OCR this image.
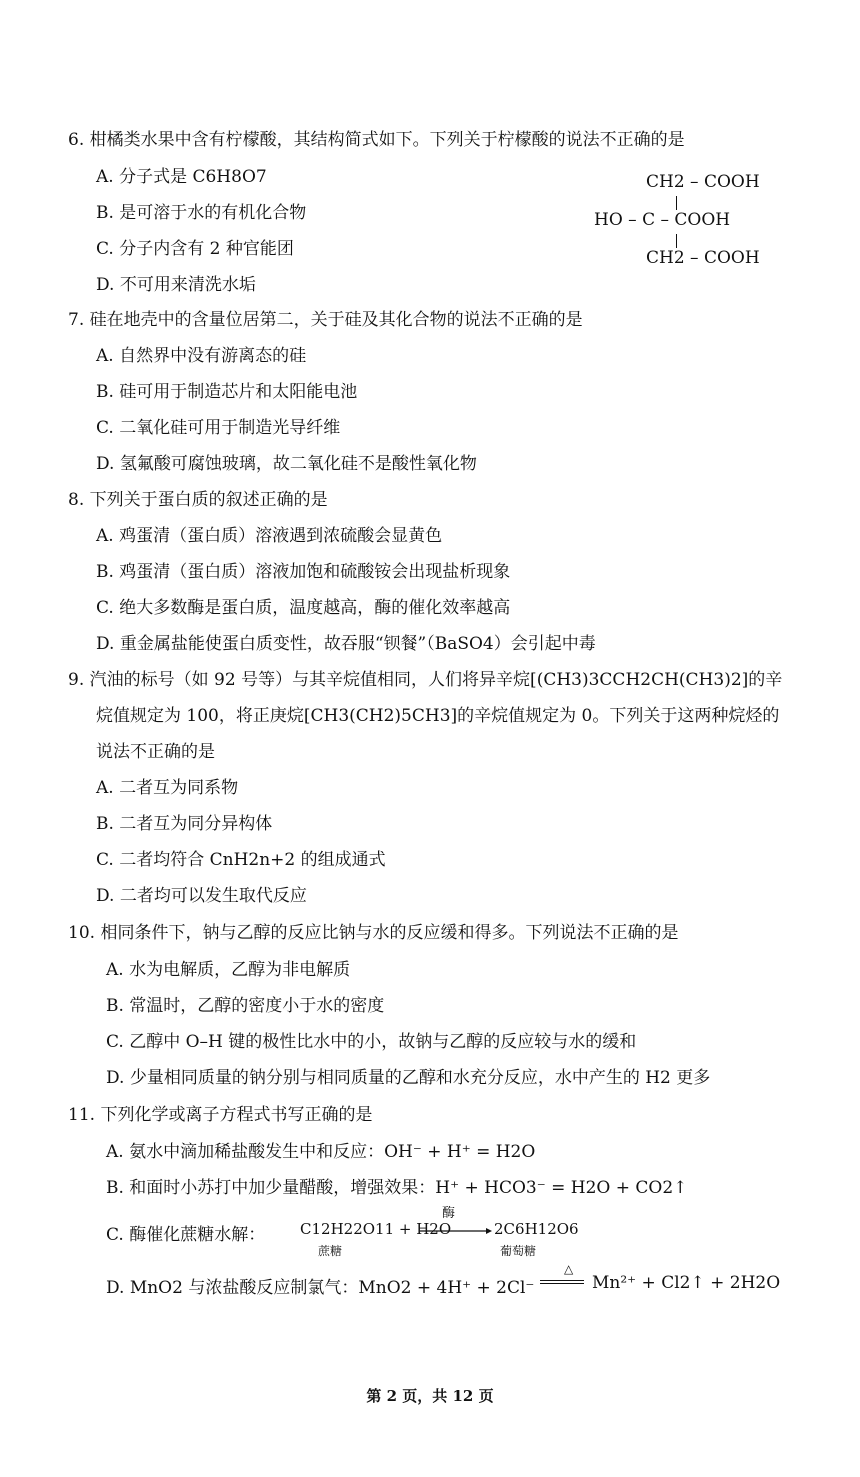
6. 柑橘类水果中含有柠檬酸，其结构简式如下。下列关于柠檬酸的说法不正确的是
A. 分子式是 C6H8O7
B. 是可溶于水的有机化合物
C. 分子内含有 2 种官能团
D. 不可用来清洗水垢
CH2 – COOH
HO – C – COOH
CH2 – COOH
7. 硅在地壳中的含量位居第二，关于硅及其化合物的说法不正确的是
A. 自然界中没有游离态的硅
B. 硅可用于制造芯片和太阳能电池
C. 二氧化硅可用于制造光导纤维
D. 氢氟酸可腐蚀玻璃，故二氧化硅不是酸性氧化物
8. 下列关于蛋白质的叙述正确的是
A. 鸡蛋清（蛋白质）溶液遇到浓硫酸会显黄色
B. 鸡蛋清（蛋白质）溶液加饱和硫酸铵会出现盐析现象
C. 绝大多数酶是蛋白质，温度越高，酶的催化效率越高
D. 重金属盐能使蛋白质变性，故吞服“钡餐”（BaSO4）会引起中毒
9. 汽油的标号（如 92 号等）与其辛烷值相同，人们将异辛烷[(CH3)3CCH2CH(CH3)2]的辛
烷值规定为 100，将正庚烷[CH3(CH2)5CH3]的辛烷值规定为 0。下列关于这两种烷烃的
说法不正确的是
A. 二者互为同系物
B. 二者互为同分异构体
C. 二者均符合 CnH2n+2 的组成通式
D. 二者均可以发生取代反应
10. 相同条件下，钠与乙醇的反应比钠与水的反应缓和得多。下列说法不正确的是
A. 水为电解质，乙醇为非电解质
B. 常温时，乙醇的密度小于水的密度
C. 乙醇中 O–H 键的极性比水中的小，故钠与乙醇的反应较与水的缓和
D. 少量相同质量的钠分别与相同质量的乙醇和水充分反应，水中产生的 H2 更多
11. 下列化学或离子方程式书写正确的是
A. 氨水中滴加稀盐酸发生中和反应：OH⁻ + H⁺ = H2O
B. 和面时小苏打中加少量醋酸，增强效果：H⁺ + HCO3⁻ = H2O + CO2↑
C. 酶催化蔗糖水解： C12H22O11 + H2O
蔗糖
酶
2C6H12O6
葡萄糖
D. MnO2 与浓盐酸反应制氯气：MnO2 + 4H⁺ + 2Cl⁻
△
Mn²⁺ + Cl2↑ + 2H2O
第 2 页，共 12 页
